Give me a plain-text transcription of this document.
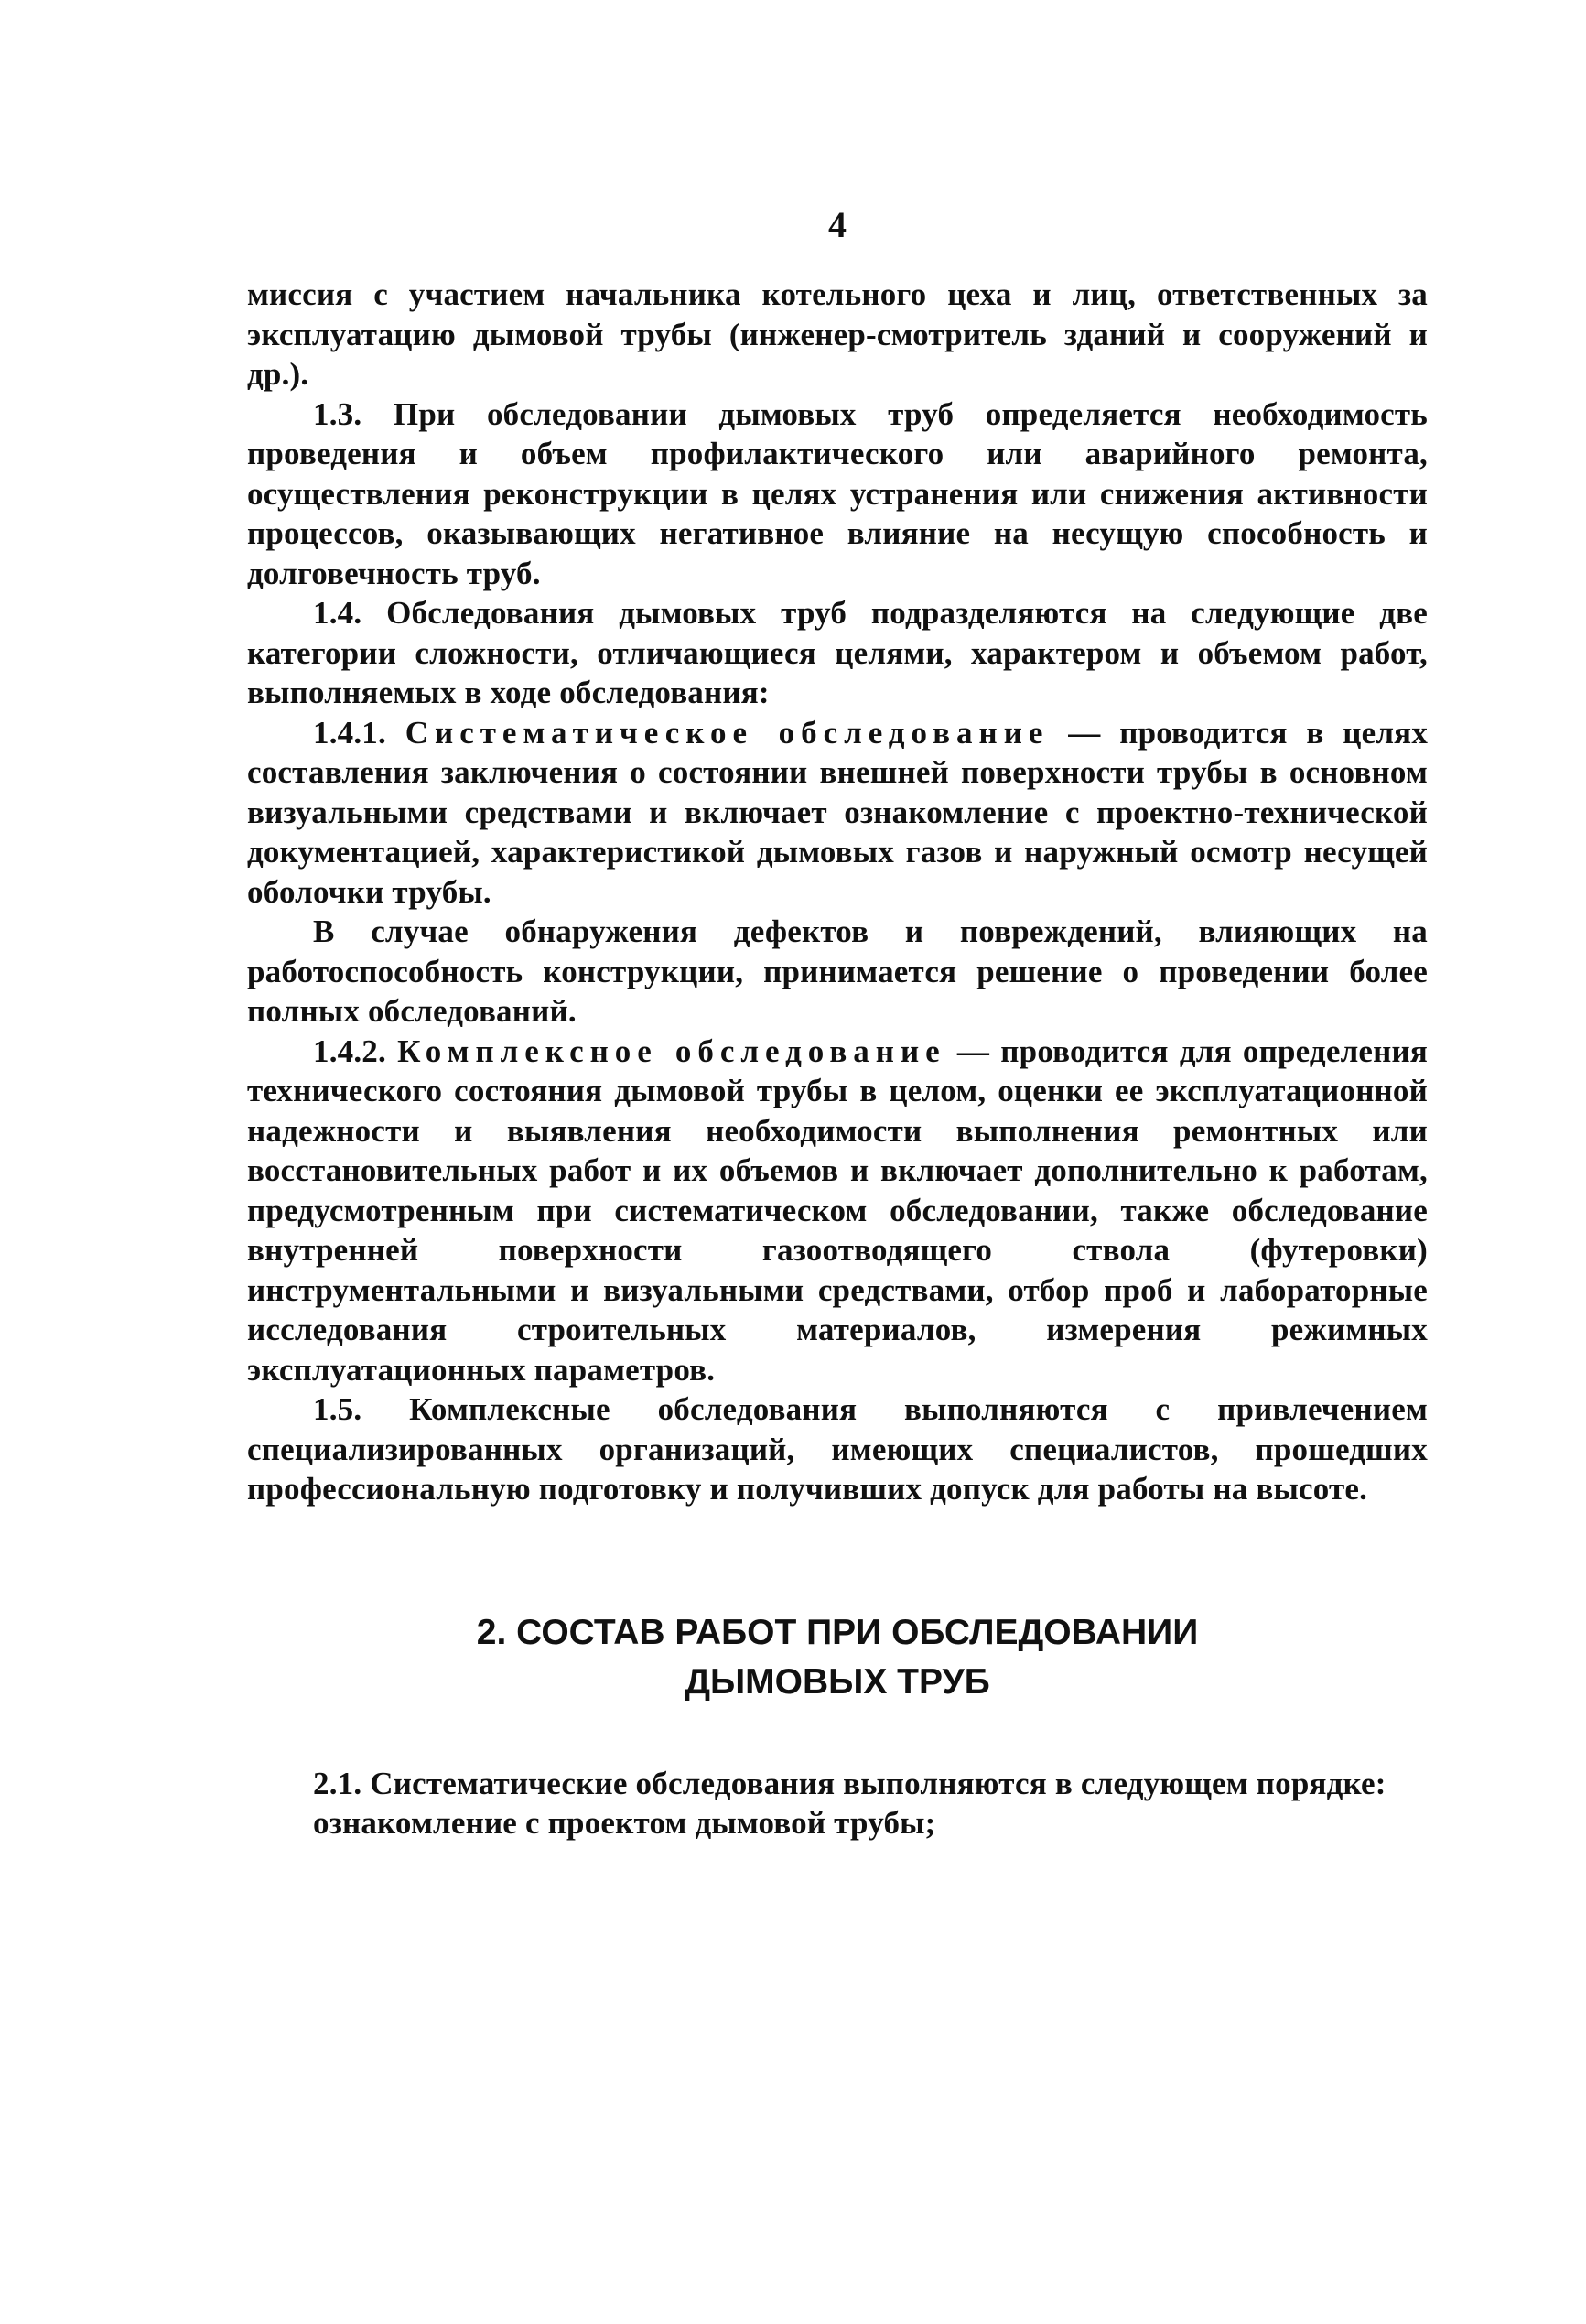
4

миссия с участием начальника котельного цеха и лиц, ответственных за эксплуатацию дымовой трубы (инженер-смотритель зданий и сооружений и др.).

1.3. При обследовании дымовых труб определяется необходимость проведения и объем профилактического или аварийного ремонта, осуществления реконструкции в целях устранения или снижения активности процессов, оказывающих негативное влияние на несущую способность и долговечность труб.

1.4. Обследования дымовых труб подразделяются на следующие две категории сложности, отличающиеся целями, характером и объемом работ, выполняемых в ходе обследования:

1.4.1. Систематическое обследование — проводится в целях составления заключения о состоянии внешней поверхности трубы в основном визуальными средствами и включает ознакомление с проектно-технической документацией, характеристикой дымовых газов и наружный осмотр несущей оболочки трубы.

В случае обнаружения дефектов и повреждений, влияющих на работоспособность конструкции, принимается решение о проведении более полных обследований.

1.4.2. Комплексное обследование — проводится для определения технического состояния дымовой трубы в целом, оценки ее эксплуатационной надежности и выявления необходимости выполнения ремонтных или восстановительных работ и их объемов и включает дополнительно к работам, предусмотренным при систематическом обследовании, также обследование внутренней поверхности газоотводящего ствола (футеровки) инструментальными и визуальными средствами, отбор проб и лабораторные исследования строительных материалов, измерения режимных эксплуатационных параметров.

1.5. Комплексные обследования выполняются с привлечением специализированных организаций, имеющих специалистов, прошедших профессиональную подготовку и получивших допуск для работы на высоте.

2. СОСТАВ РАБОТ ПРИ ОБСЛЕДОВАНИИ
ДЫМОВЫХ ТРУБ

2.1. Систематические обследования выполняются в следующем порядке:

ознакомление с проектом дымовой трубы;
